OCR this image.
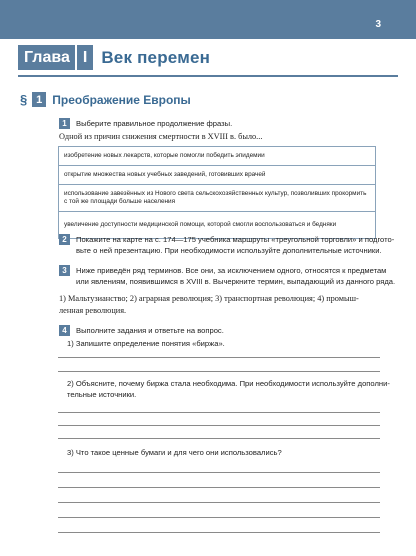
3
Глава I Век перемен
§ 1 Преображение Европы
1	Выберите правильное продолжение фразы.
Одной из причин снижения смертности в XVIII в. было...
изобретение новых лекарств, которые помогли победить эпидемии
открытие множества новых учебных заведений, готовивших врачей
использование завезённых из Нового света сельскохозяйственных культур, позволивших прокормить с той же площади больше населения
увеличение доступности медицинской помощи, которой смогли воспользоваться и бедняки
2	Покажите на карте на с. 174—175 учебника маршруты «треугольной торговли» и подгото-
вьте о ней презентацию. При необходимости используйте дополнительные источники.
3	Ниже приведён ряд терминов. Все они, за исключением одного, относятся к предметам
или явлениям, появившимся в XVIII в. Вычеркните термин, выпадающий из данного ряда.
1) Мальтузианство; 2) аграрная революция; 3) транспортная революция; 4) промыш-
ленная революция.
4	Выполните задания и ответьте на вопрос.
1) Запишите определение понятия «биржа».
2) Объясните, почему биржа стала необходима. При необходимости используйте дополни-
тельные источники.
3) Что такое ценные бумаги и для чего они использовались?
